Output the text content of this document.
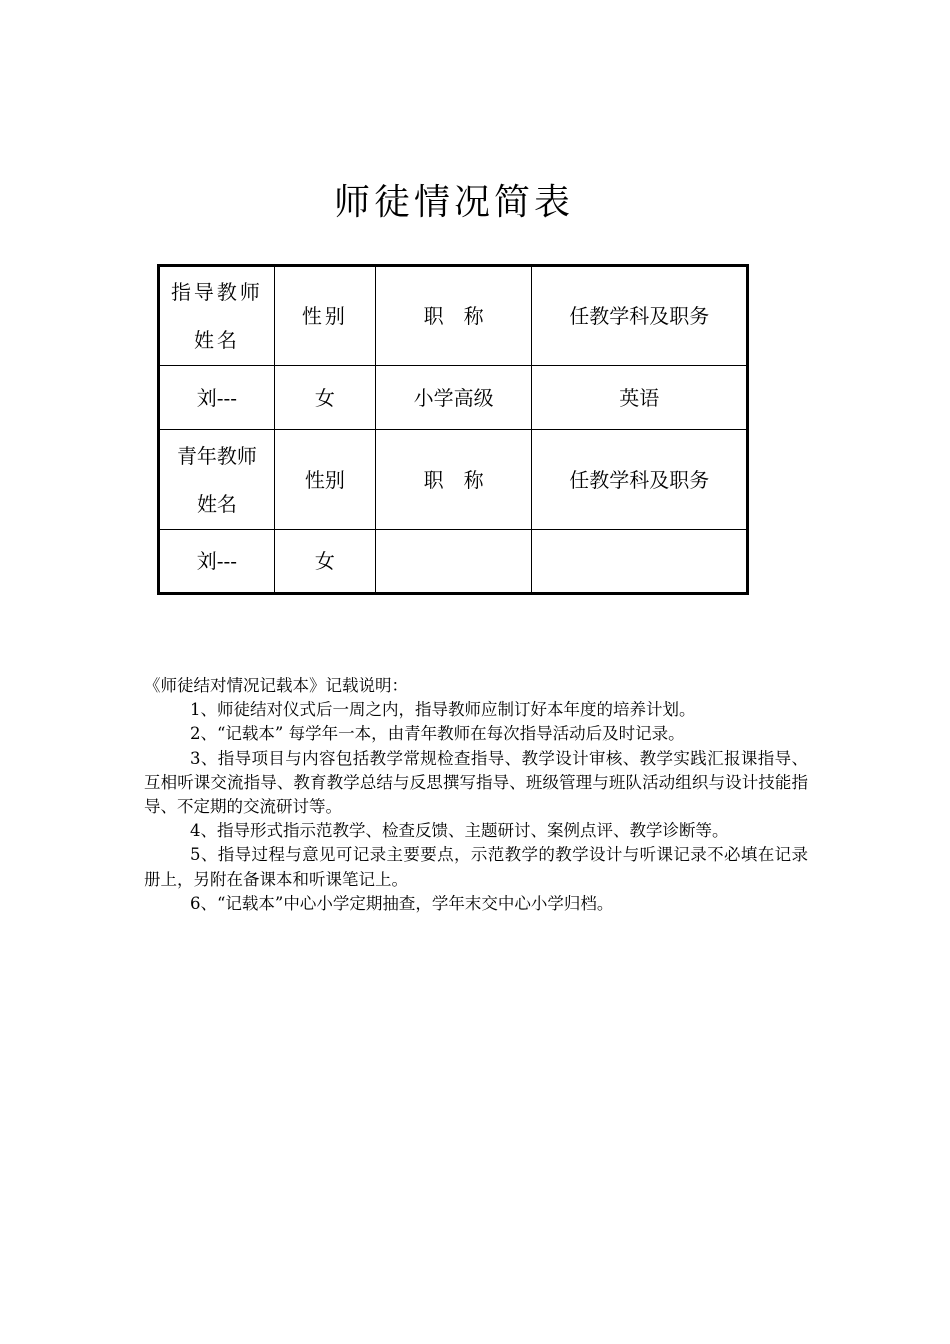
师徒情况简表
指导教师
姓名	性别	职　称	任教学科及职务
刘---	女	小学高级	英语

青年教师
姓名	性别	职　称	任教学科及职务
刘---	女		

《师徒结对情况记载本》记载说明：

1、师徒结对仪式后一周之内，指导教师应制订好本年度的培养计划。

2、“记载本” 每学年一本，由青年教师在每次指导活动后及时记录。

3、指导项目与内容包括教学常规检查指导、教学设计审核、教学实践汇报课指导、互相听课交流指导、教育教学总结与反思撰写指导、班级管理与班队活动组织与设计技能指导、不定期的交流研讨等。

4、指导形式指示范教学、检查反馈、主题研讨、案例点评、教学诊断等。

5、指导过程与意见可记录主要要点，示范教学的教学设计与听课记录不必填在记录册上，另附在备课本和听课笔记上。

6、“记载本”中心小学定期抽查，学年末交中心小学归档。
